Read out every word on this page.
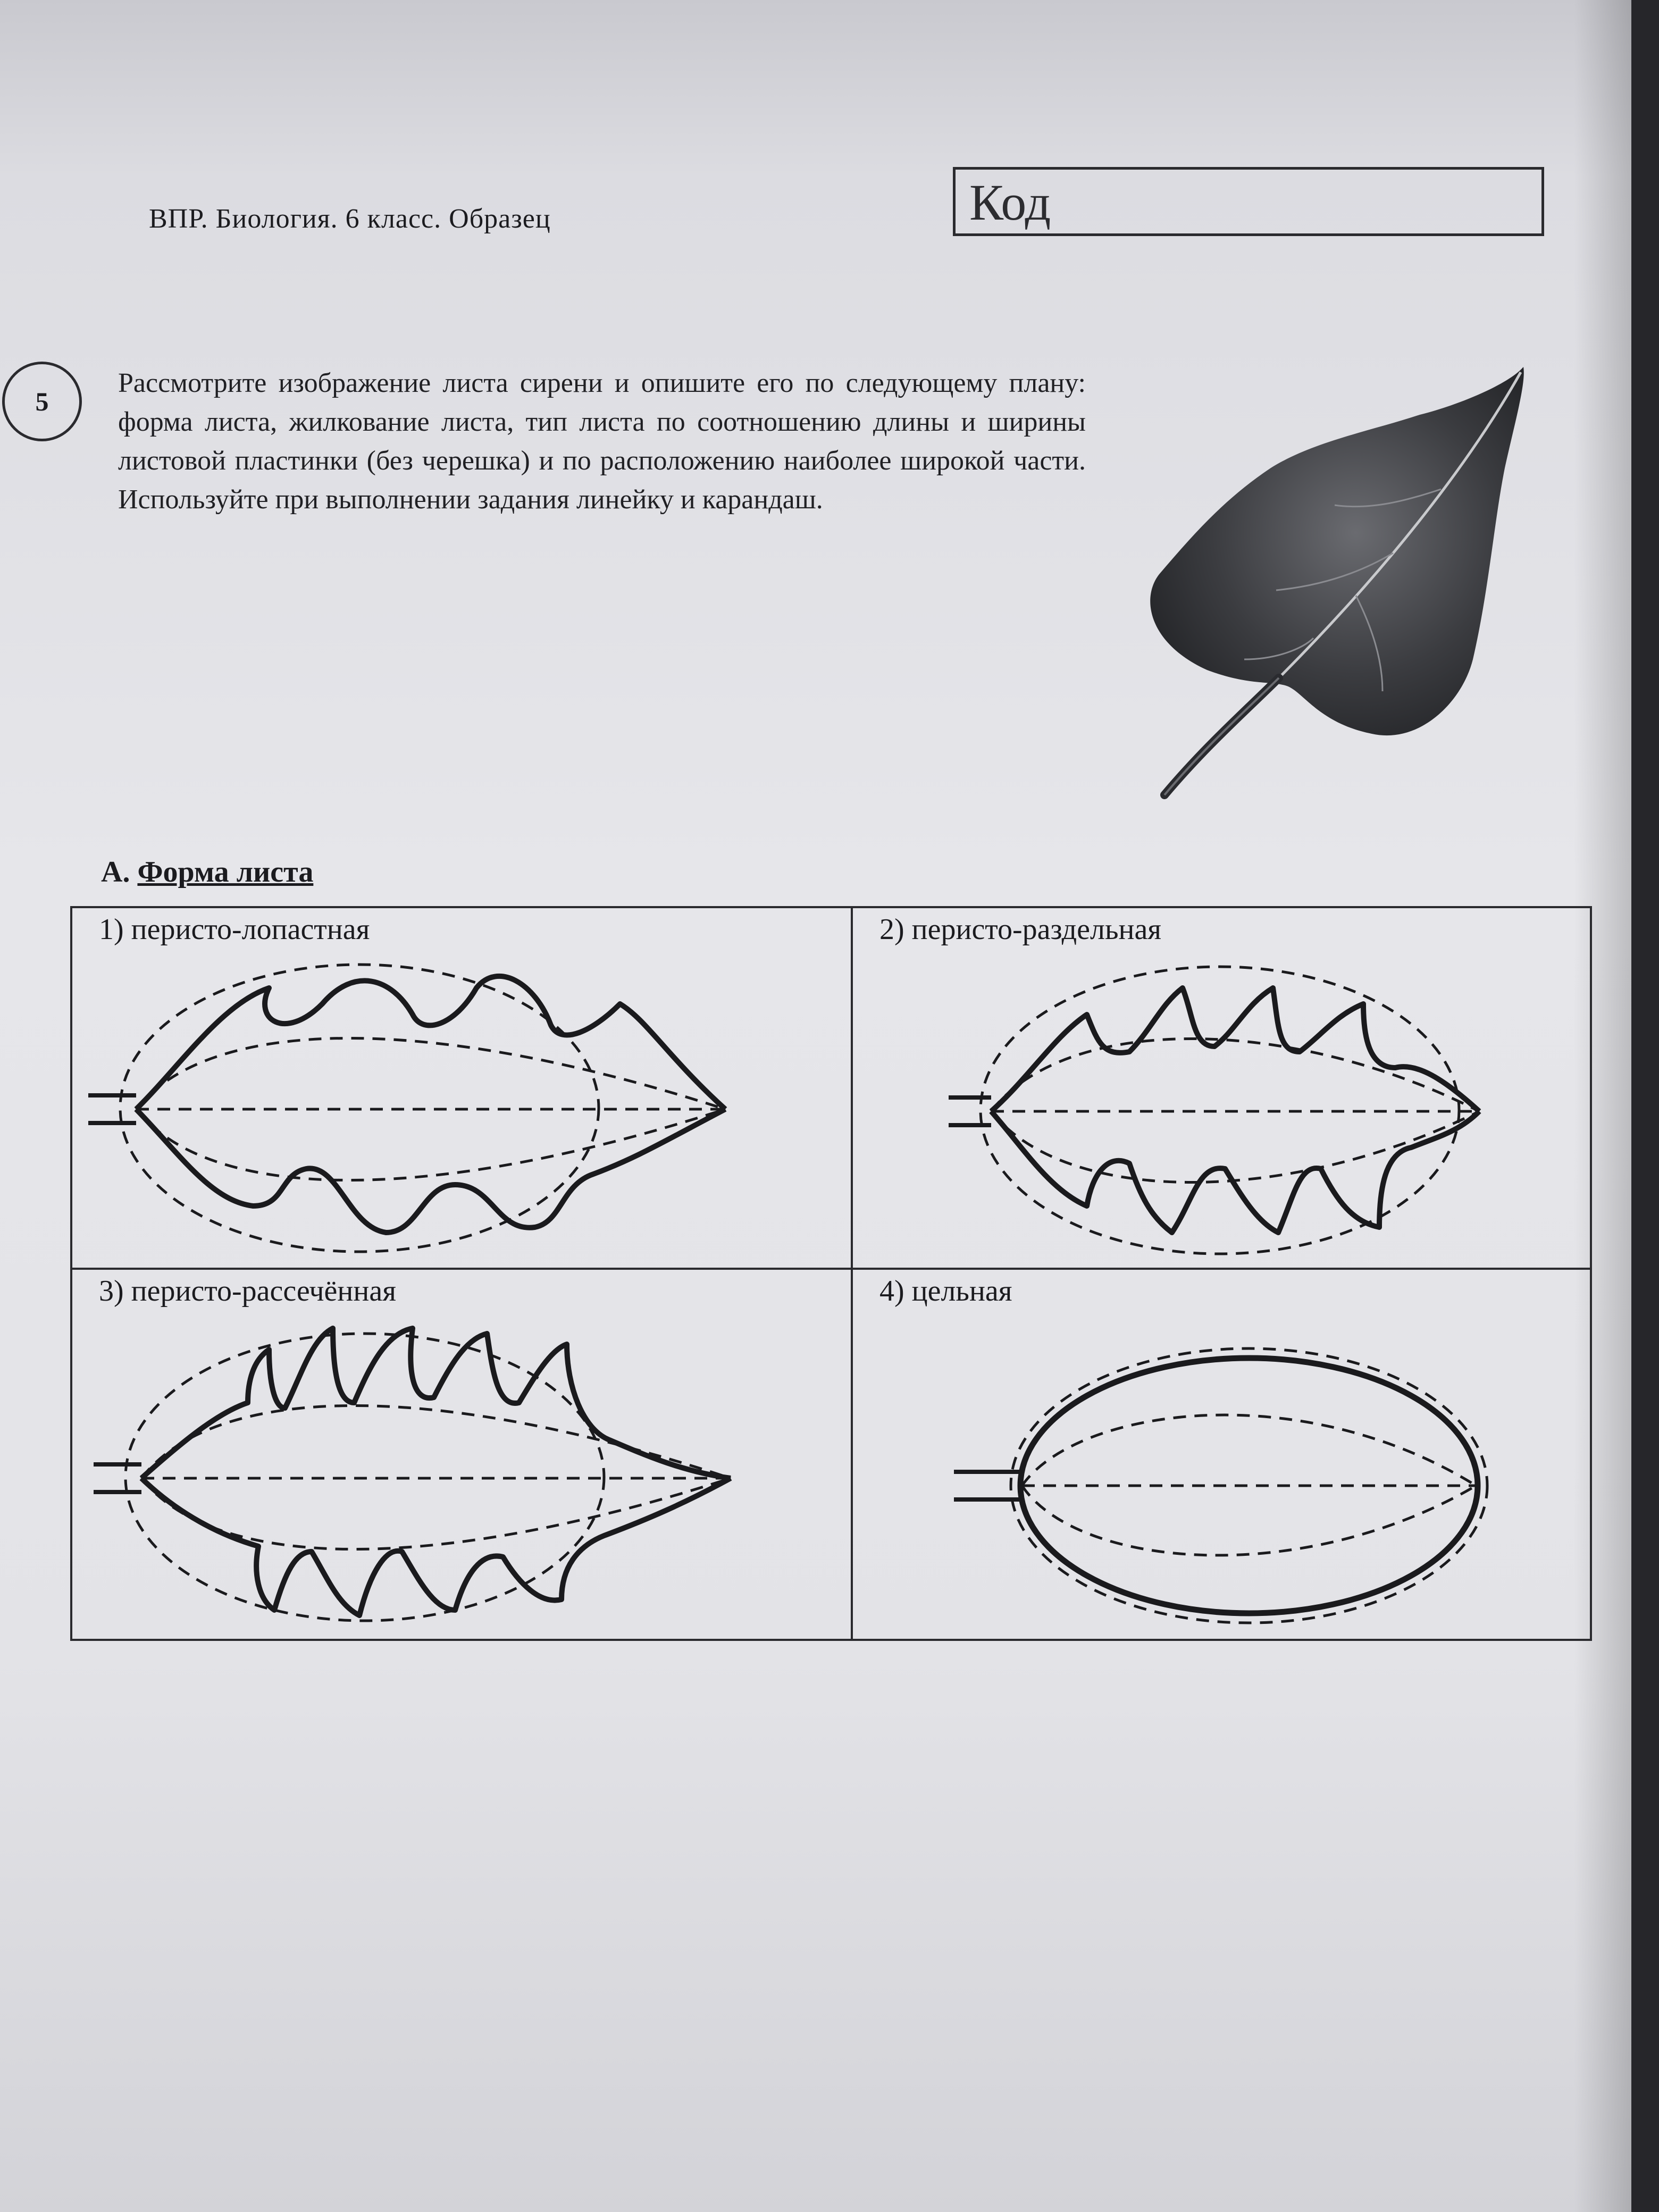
ВПР. Биология. 6 класс. Образец	Код
5
Рассмотрите изображение листа сирени и опишите его по следующему плану: форма листа, жилкование листа, тип листа по соотношению длины и ширины листовой пластинки (без черешка) и по расположению наиболее широкой части. Используйте при выполнении задания линейку и карандаш.
А. Форма листа
1) перисто-лопастная	2) перисто-раздельная
3) перисто-рассечённая	4) цельная
